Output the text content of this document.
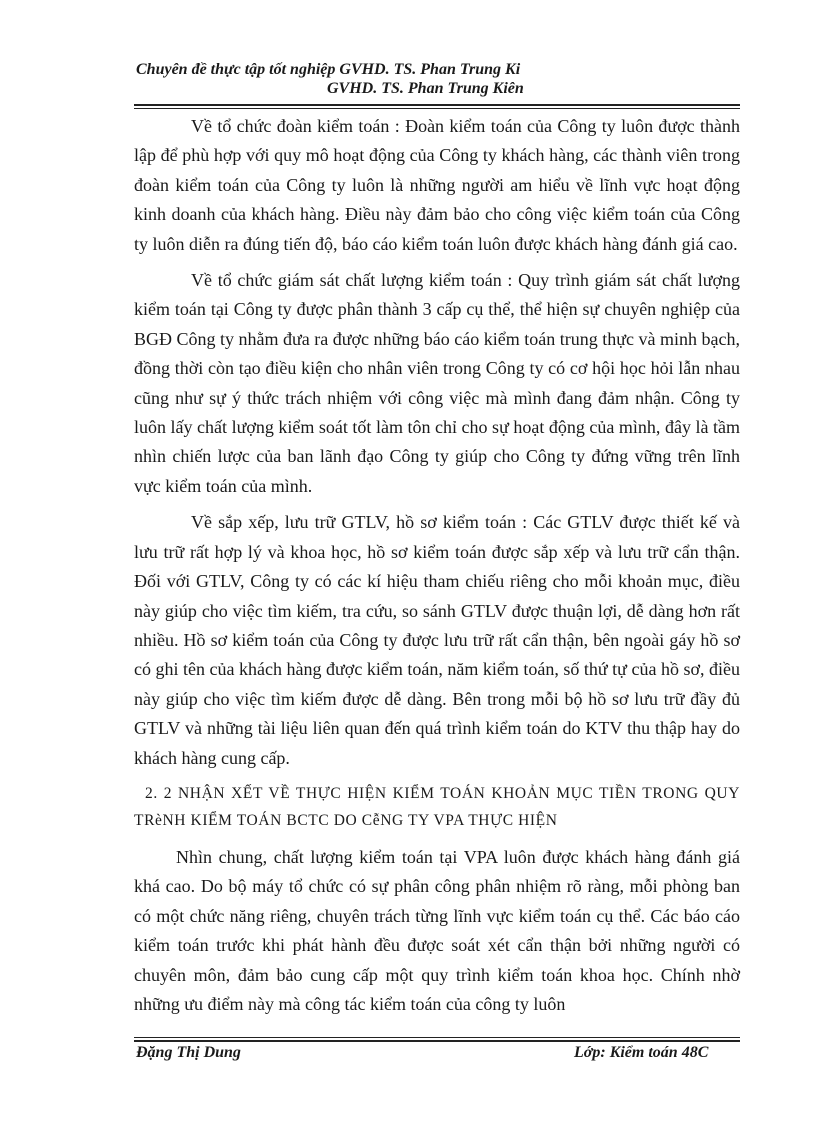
Chuyên đề thực tập tốt nghiệp GVHD. TS. Phan Trung Ki
GVHD. TS. Phan Trung Kiên

Về tổ chức đoàn kiểm toán : Đoàn kiểm toán của Công ty luôn được thành lập để phù hợp với quy mô hoạt động của Công ty khách hàng, các thành viên trong đoàn kiểm toán của Công ty luôn là những người am hiểu về lĩnh vực hoạt động kinh doanh của khách hàng. Điều này đảm bảo cho công việc kiểm toán của Công ty luôn diễn ra đúng tiến độ, báo cáo kiểm toán luôn được khách hàng đánh giá cao.

Về tổ chức giám sát chất lượng kiểm toán : Quy trình giám sát chất lượng kiểm toán tại Công ty được phân thành 3 cấp cụ thể, thể hiện sự chuyên nghiệp của BGĐ Công ty nhằm đưa ra được những báo cáo kiểm toán trung thực và minh bạch, đồng thời còn tạo điều kiện cho nhân viên trong Công ty có cơ hội học hỏi lẫn nhau cũng như sự ý thức trách nhiệm với công việc mà mình đang đảm nhận. Công ty luôn lấy chất lượng kiểm soát tốt làm tôn chỉ cho sự hoạt động của mình, đây là tầm nhìn chiến lược của ban lãnh đạo Công ty giúp cho Công ty đứng vững trên lĩnh vực kiểm toán của mình.

Về sắp xếp, lưu trữ GTLV, hồ sơ kiểm toán : Các GTLV được thiết kế và lưu trữ rất hợp lý và khoa học, hồ sơ kiểm toán được sắp xếp và lưu trữ cẩn thận. Đối với GTLV, Công ty có các kí hiệu tham chiếu riêng cho mỗi khoản mục, điều này giúp cho việc tìm kiếm, tra cứu, so sánh GTLV được thuận lợi, dễ dàng hơn rất nhiều. Hồ sơ kiểm toán của Công ty được lưu trữ rất cẩn thận, bên ngoài gáy hồ sơ có ghi tên của khách hàng được kiểm toán, năm kiểm toán, số thứ tự của hồ sơ, điều này giúp cho việc tìm kiếm được dễ dàng. Bên trong mỗi bộ hồ sơ lưu trữ đầy đủ GTLV và những tài liệu liên quan đến quá trình kiểm toán do KTV thu thập hay do khách hàng cung cấp.

2. 2 NHẬN XẾT VỀ THỰC HIỆN KIỂM TOÁN KHOẢN MỤC TIỀN TRONG QUY TRèNH KIỂM TOÁN BCTC DO CễNG TY VPA THỰC HIỆN

Nhìn chung, chất lượng kiểm toán tại VPA luôn được khách hàng đánh giá khá cao. Do bộ máy tổ chức có sự phân công phân nhiệm rõ ràng, mỗi phòng ban có một chức năng riêng, chuyên trách từng lĩnh vực kiểm toán cụ thể. Các báo cáo kiểm toán trước khi phát hành đều được soát xét cẩn thận bởi những người có chuyên môn, đảm bảo cung cấp một quy trình kiểm toán khoa học. Chính nhờ những ưu điểm này mà công tác kiểm toán của công ty luôn

Đặng Thị Dung	Lớp: Kiểm toán 48C
